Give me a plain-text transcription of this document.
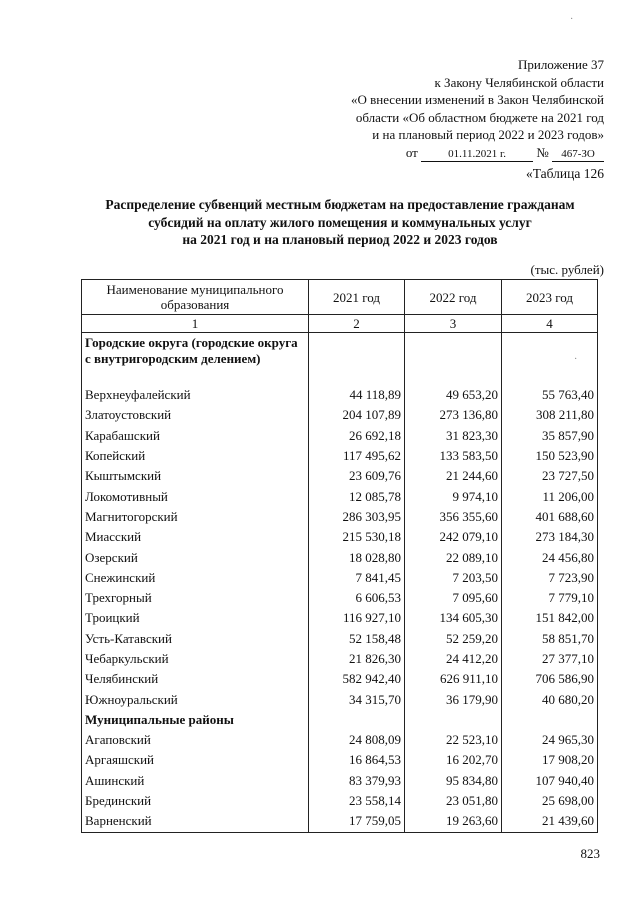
Приложение 37
к Закону Челябинской области
«О внесении изменений в Закон Челябинской
области «Об областном бюджете на 2021 год
и на плановый период 2022 и 2023 годов»
от	01.11.2021 г. № 467-ЗО
«Таблица 126
Распределение субвенций местным бюджетам на предоставление гражданам
субсидий на оплату жилого помещения и коммунальных услуг
на 2021 год и на плановый период 2022 и 2023 годов
(тыс. рублей)
Наименование муниципального образования	2021 год	2022 год	2023 год
1	2	3	4
Городские округа (городские округа с внутригородским делением)			
Верхнеуфалейский	44 118,89	49 653,20	55 763,40
Златоустовский	204 107,89	273 136,80	308 211,80
Карабашский	26 692,18	31 823,30	35 857,90
Копейский	117 495,62	133 583,50	150 523,90
Кыштымский	23 609,76	21 244,60	23 727,50
Локомотивный	12 085,78	9 974,10	11 206,00
Магнитогорский	286 303,95	356 355,60	401 688,60
Миасский	215 530,18	242 079,10	273 184,30
Озерский	18 028,80	22 089,10	24 456,80
Снежинский	7 841,45	7 203,50	7 723,90
Трехгорный	6 606,53	7 095,60	7 779,10
Троицкий	116 927,10	134 605,30	151 842,00
Усть-Катавский	52 158,48	52 259,20	58 851,70
Чебаркульский	21 826,30	24 412,20	27 377,10
Челябинский	582 942,40	626 911,10	706 586,90
Южноуральский	34 315,70	36 179,90	40 680,20
Муниципальные районы			
Агаповский	24 808,09	22 523,10	24 965,30
Аргаяшский	16 864,53	16 202,70	17 908,20
Ашинский	83 379,93	95 834,80	107 940,40
Брединский	23 558,14	23 051,80	25 698,00
Варненский	17 759,05	19 263,60	21 439,60
·
·
823
